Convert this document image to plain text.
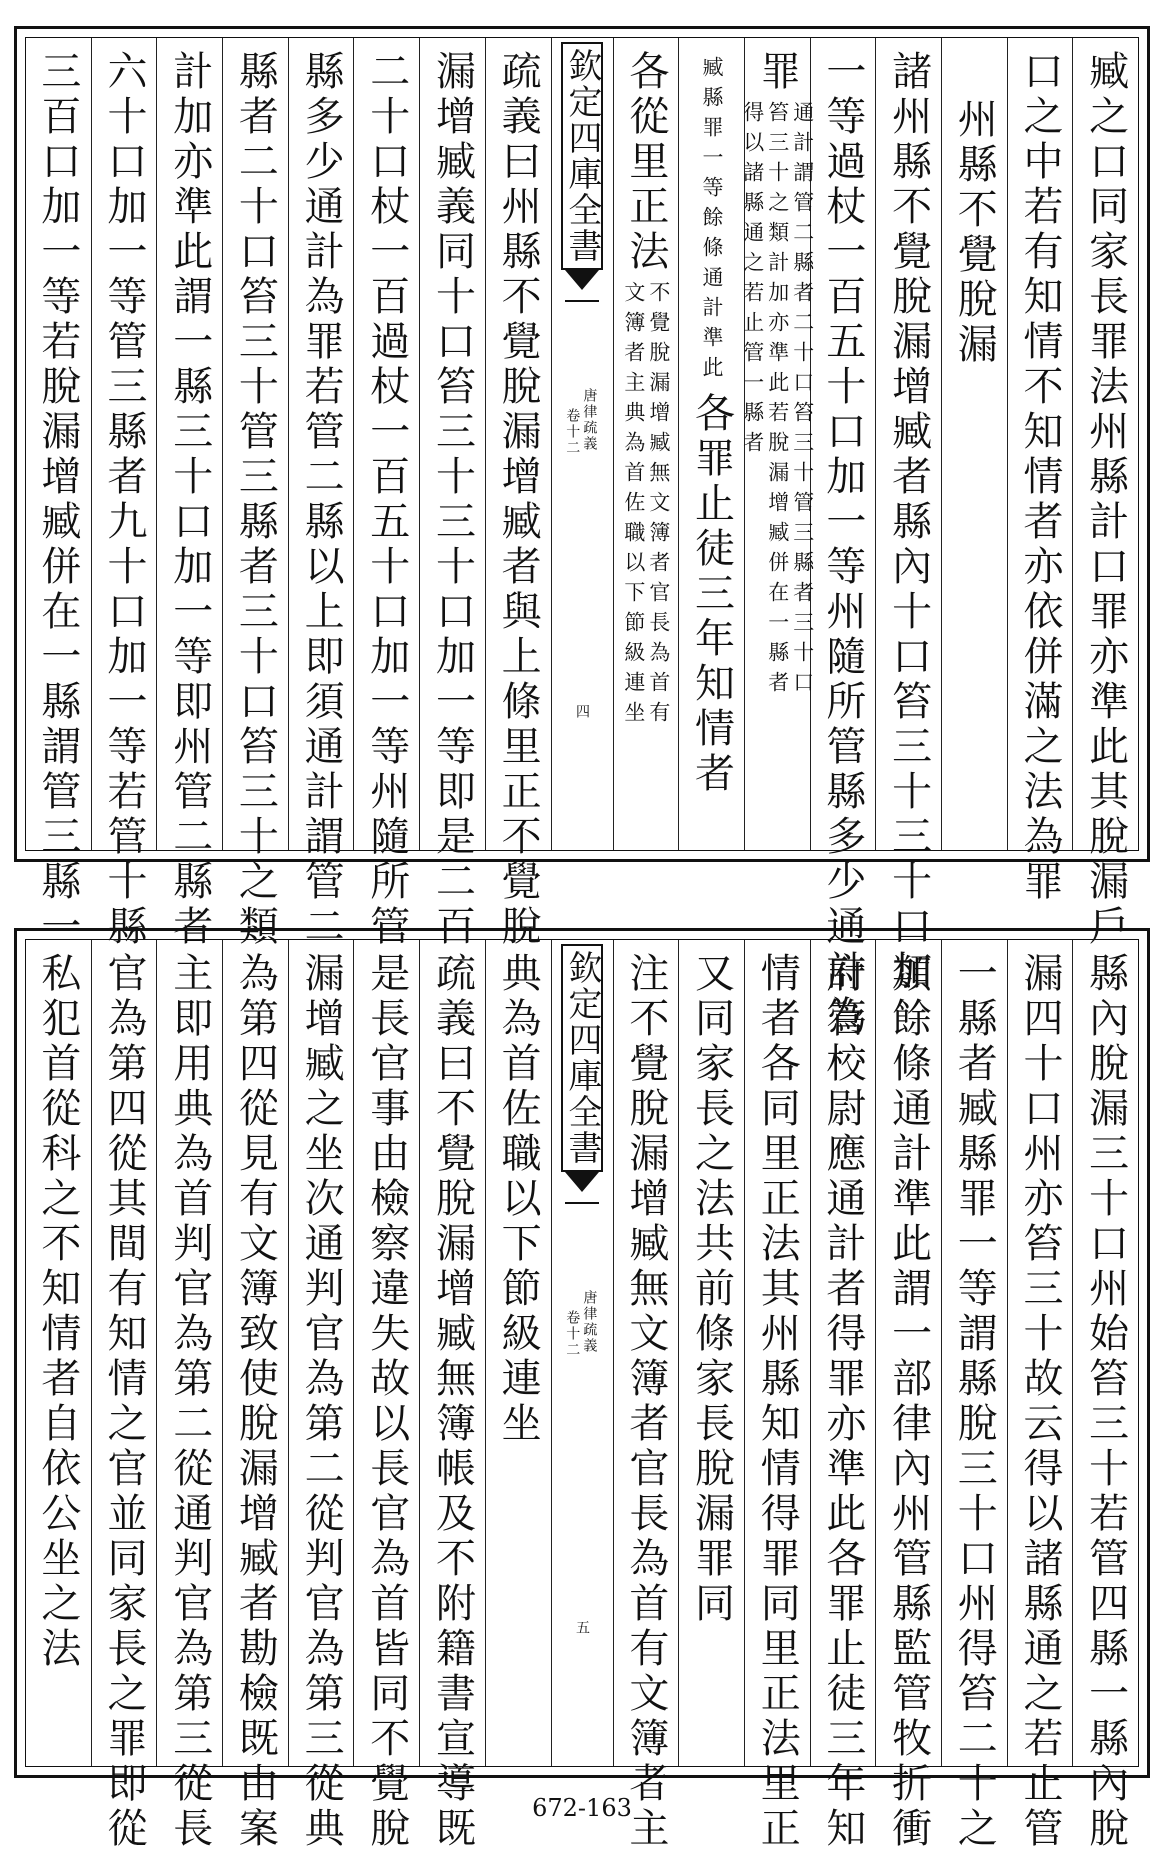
臧之口同家長罪法州縣計口罪亦準此其脫漏戶
口之中若有知情不知情者亦依併滿之法為罪
州縣不覺脫漏
諸州縣不覺脫漏增臧者縣內十口笞三十三十口加
一等過杖一百五十口加一等州隨所管縣多少通計為
罪
通計謂管二縣者二十口笞三十管三縣者三十口
笞三十之類計加亦準此若脫漏增臧併在一縣者
得以諸縣通之若止管一縣者
臧縣罪一等餘條通計準此
各罪止徒三年知情者
各從里正法
不覺脫漏增臧無文簿者官長為首有
文簿者主典為首佐職以下節級連坐
欽定四庫全書
唐律疏義
卷十二
四
疏義曰州縣不覺脫漏增臧者與上條里正不覺脫
漏增臧義同十口笞三十三十口加一等即是二百
二十口杖一百過杖一百五十口加一等州隨所管
縣多少通計為罪若管二縣以上即須通計謂管二
縣者二十口笞三十管三縣者三十口笞三十之類
計加亦準此謂一縣三十口加一等即州管二縣者
六十口加一等管三縣者九十口加一等若管十縣
三百口加一等若脫漏增臧併在一縣謂管三縣一
縣內脫漏三十口州始笞三十若管四縣一縣內脫
漏四十口州亦笞三十故云得以諸縣通之若止管
一縣者臧縣罪一等謂縣脫三十口州得笞二十之
類餘條通計準此謂一部律內州管縣監管牧折衝
府管校尉應通計者得罪亦準此各罪止徒三年知
情者各同里正法其州縣知情得罪同里正法里正
又同家長之法共前條家長脫漏罪同
注不覺脫漏增臧無文簿者官長為首有文簿者主
欽定四庫全書
唐律疏義
卷十二
五
典為首佐職以下節級連坐
疏義曰不覺脫漏增臧無簿帳及不附籍書宣導既
是長官事由檢察違失故以長官為首皆同不覺脫
漏增臧之坐次通判官為第二從判官為第三從典
為第四從見有文簿致使脫漏增臧者勘檢既由案
主即用典為首判官為第二從通判官為第三從長
官為第四從其間有知情之官並同家長之罪即從
私犯首從科之不知情者自依公坐之法
672-163
